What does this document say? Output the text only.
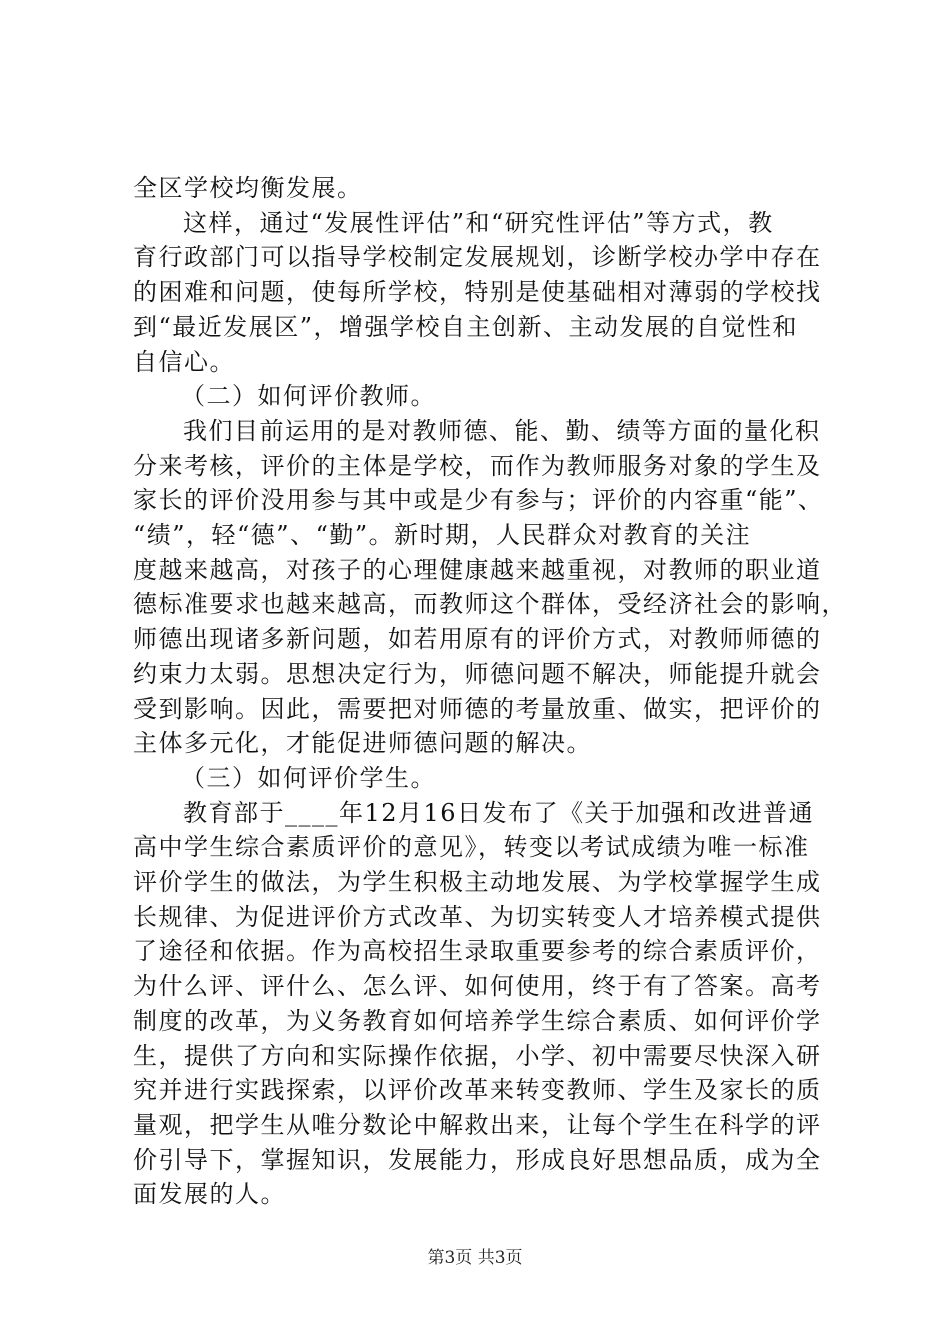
全区学校均衡发展。
这样，通过“发展性评估”和“研究性评估”等方式，教
育行政部门可以指导学校制定发展规划，诊断学校办学中存在
的困难和问题，使每所学校，特别是使基础相对薄弱的学校找
到“最近发展区”，增强学校自主创新、主动发展的自觉性和
自信心。
（二）如何评价教师。
我们目前运用的是对教师德、能、勤、绩等方面的量化积
分来考核，评价的主体是学校，而作为教师服务对象的学生及
家长的评价没用参与其中或是少有参与；评价的内容重“能”、
“绩”，轻“德”、“勤”。新时期，人民群众对教育的关注
度越来越高，对孩子的心理健康越来越重视，对教师的职业道
德标准要求也越来越高，而教师这个群体，受经济社会的影响，
师德出现诸多新问题，如若用原有的评价方式，对教师师德的
约束力太弱。思想决定行为，师德问题不解决，师能提升就会
受到影响。因此，需要把对师德的考量放重、做实，把评价的
主体多元化，才能促进师德问题的解决。
（三）如何评价学生。
教育部于____年12月16日发布了《关于加强和改进普通
高中学生综合素质评价的意见》，转变以考试成绩为唯一标准
评价学生的做法，为学生积极主动地发展、为学校掌握学生成
长规律、为促进评价方式改革、为切实转变人才培养模式提供
了途径和依据。作为高校招生录取重要参考的综合素质评价，
为什么评、评什么、怎么评、如何使用，终于有了答案。高考
制度的改革，为义务教育如何培养学生综合素质、如何评价学
生，提供了方向和实际操作依据，小学、初中需要尽快深入研
究并进行实践探索，以评价改革来转变教师、学生及家长的质
量观，把学生从唯分数论中解救出来，让每个学生在科学的评
价引导下，掌握知识，发展能力，形成良好思想品质，成为全
面发展的人。
第3页 共3页
